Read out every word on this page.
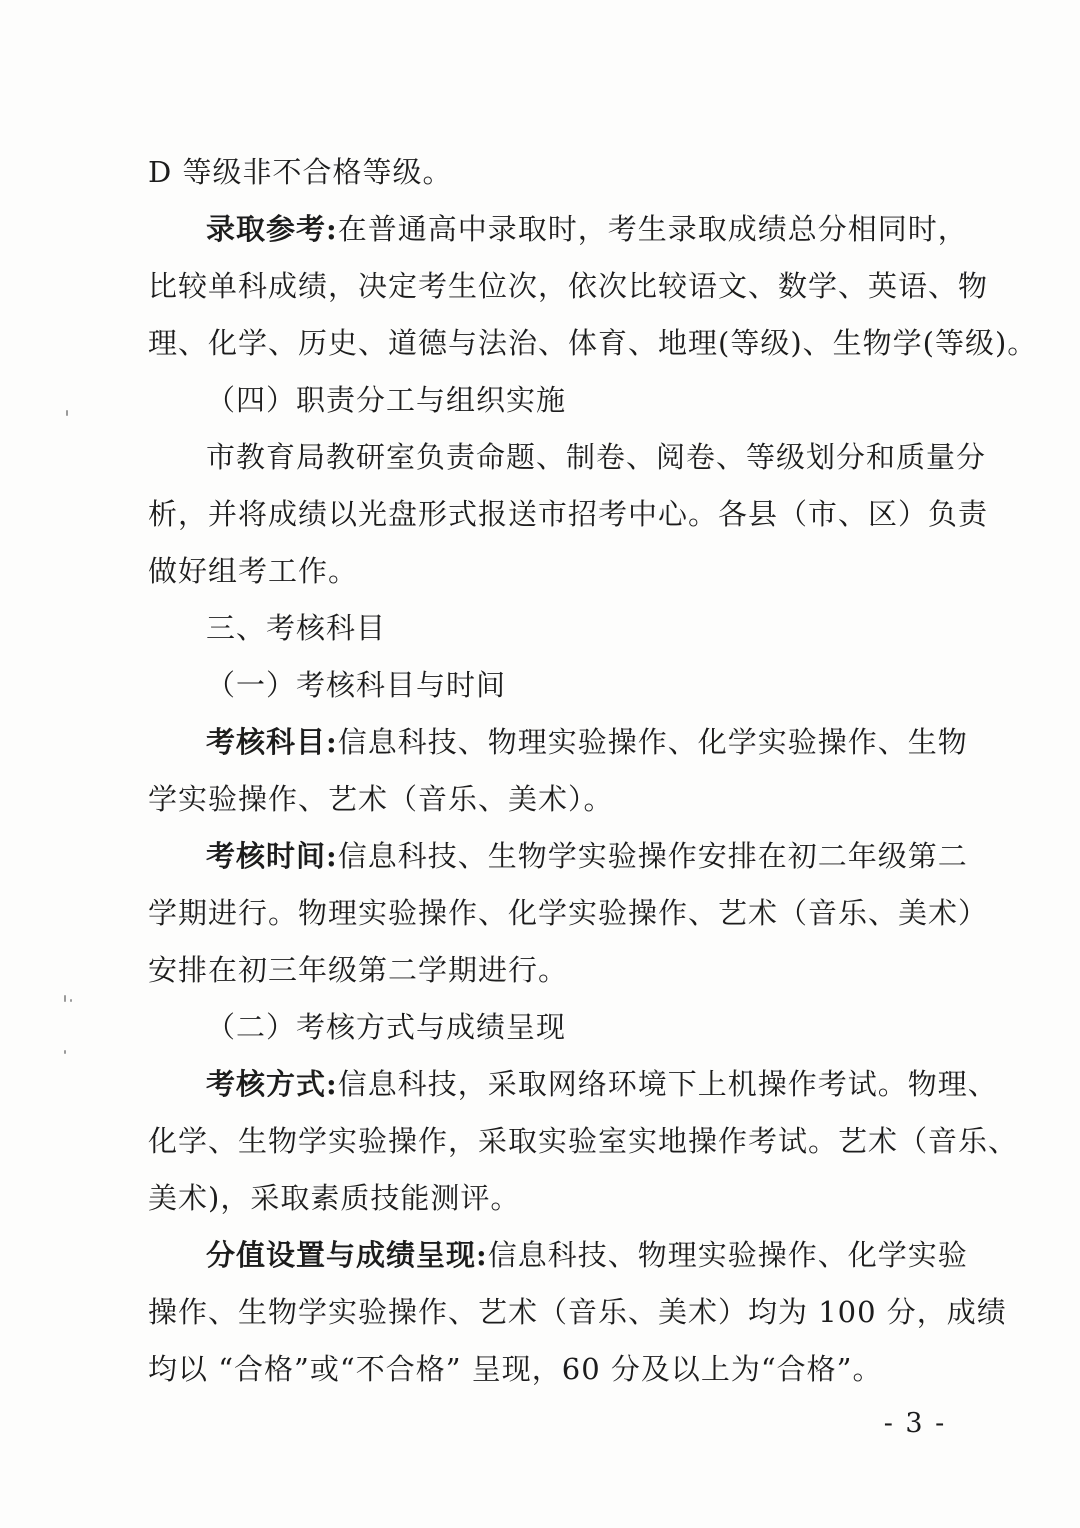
D 等级非不合格等级。
录取参考:在普通高中录取时，考生录取成绩总分相同时，
比较单科成绩，决定考生位次，依次比较语文、数学、英语、物
理、化学、历史、道德与法治、体育、地理(等级)、生物学(等级)。
（四）职责分工与组织实施
市教育局教研室负责命题、制卷、阅卷、等级划分和质量分
析，并将成绩以光盘形式报送市招考中心。各县（市、区）负责
做好组考工作。
三、考核科目
（一）考核科目与时间
考核科目:信息科技、物理实验操作、化学实验操作、生物
学实验操作、艺术（音乐、美术）。
考核时间:信息科技、生物学实验操作安排在初二年级第二
学期进行。物理实验操作、化学实验操作、艺术（音乐、美术）
安排在初三年级第二学期进行。
（二）考核方式与成绩呈现
考核方式:信息科技，采取网络环境下上机操作考试。物理、
化学、生物学实验操作，采取实验室实地操作考试。艺术（音乐、
美术)，采取素质技能测评。
分值设置与成绩呈现:信息科技、物理实验操作、化学实验
操作、生物学实验操作、艺术（音乐、美术）均为 100 分，成绩
均以 “合格”或“不合格” 呈现，60 分及以上为“合格”。
- 3 -
